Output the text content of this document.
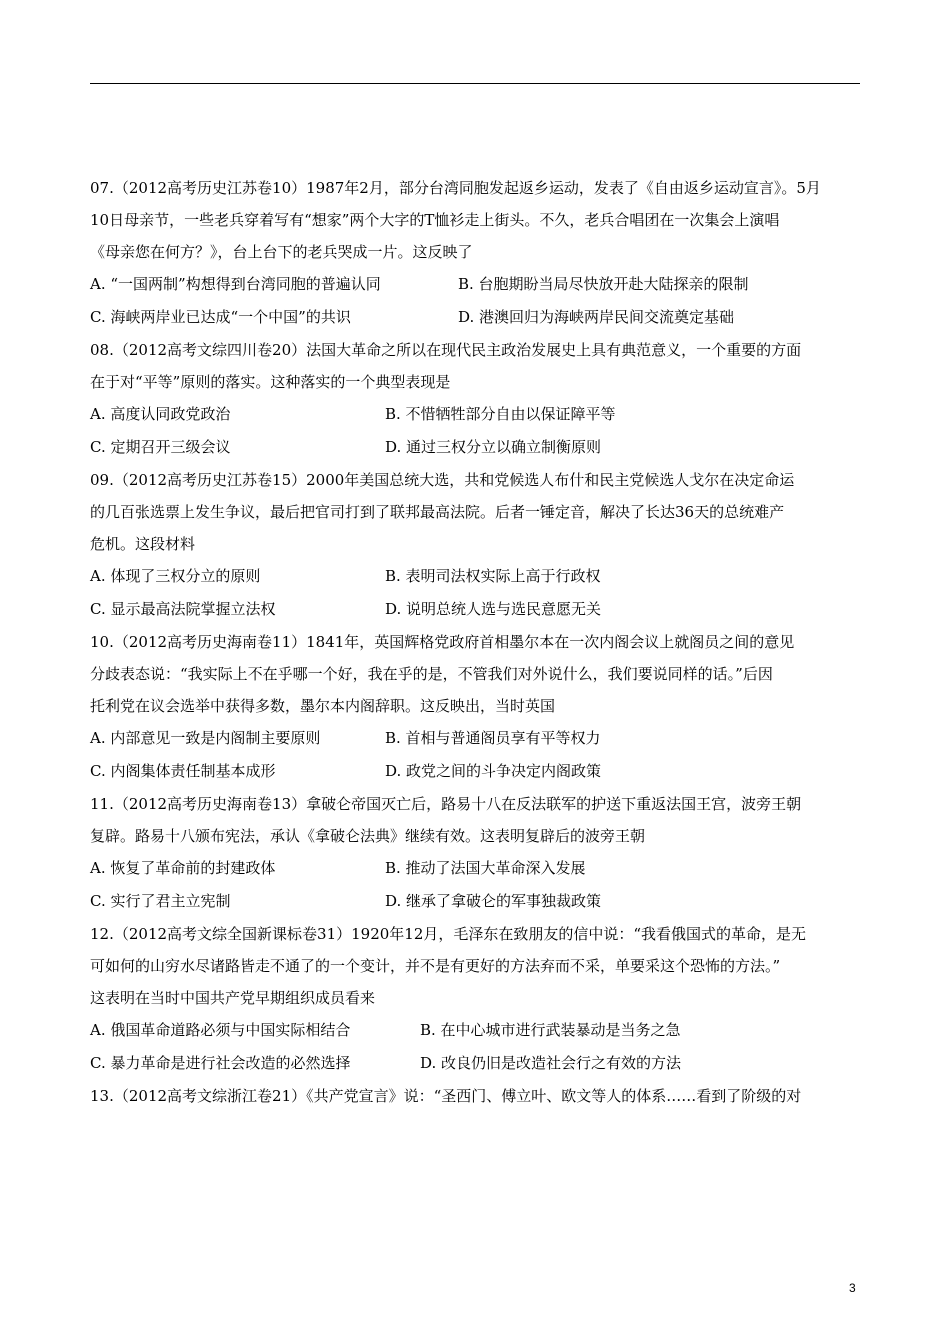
07.（2012高考历史江苏卷10）1987年2月，部分台湾同胞发起返乡运动，发表了《自由返乡运动宣言》。5月
10日母亲节，一些老兵穿着写有“想家”两个大字的T恤衫走上街头。不久，老兵合唱团在一次集会上演唱
《母亲您在何方？》，台上台下的老兵哭成一片。这反映了
A. “一国两制”构想得到台湾同胞的普遍认同	B. 台胞期盼当局尽快放开赴大陆探亲的限制
C. 海峡两岸业已达成“一个中国”的共识	D. 港澳回归为海峡两岸民间交流奠定基础
08.（2012高考文综四川卷20）法国大革命之所以在现代民主政治发展史上具有典范意义，一个重要的方面
在于对“平等”原则的落实。这种落实的一个典型表现是
A. 高度认同政党政治	B. 不惜牺牲部分自由以保证障平等
C. 定期召开三级会议	D. 通过三权分立以确立制衡原则
09.（2012高考历史江苏卷15）2000年美国总统大选，共和党候选人布什和民主党候选人戈尔在决定命运
的几百张选票上发生争议，最后把官司打到了联邦最高法院。后者一锤定音，解决了长达36天的总统难产
危机。这段材料
A. 体现了三权分立的原则	B. 表明司法权实际上高于行政权
C. 显示最高法院掌握立法权	D. 说明总统人选与选民意愿无关
10.（2012高考历史海南卷11）1841年，英国辉格党政府首相墨尔本在一次内阁会议上就阁员之间的意见
分歧表态说：“我实际上不在乎哪一个好，我在乎的是，不管我们对外说什么，我们要说同样的话。”后因
托利党在议会选举中获得多数，墨尔本内阁辞职。这反映出，当时英国
A. 内部意见一致是内阁制主要原则	B. 首相与普通阁员享有平等权力
C. 内阁集体责任制基本成形	D. 政党之间的斗争决定内阁政策
11.（2012高考历史海南卷13）拿破仑帝国灭亡后，路易十八在反法联军的护送下重返法国王宫，波旁王朝
复辟。路易十八颁布宪法，承认《拿破仑法典》继续有效。这表明复辟后的波旁王朝
A. 恢复了革命前的封建政体	B. 推动了法国大革命深入发展
C. 实行了君主立宪制	D. 继承了拿破仑的军事独裁政策
12.（2012高考文综全国新课标卷31）1920年12月，毛泽东在致朋友的信中说：“我看俄国式的革命，是无
可如何的山穷水尽诸路皆走不通了的一个变计，并不是有更好的方法弃而不采，单要采这个恐怖的方法。”
这表明在当时中国共产党早期组织成员看来
A. 俄国革命道路必须与中国实际相结合	B. 在中心城市进行武装暴动是当务之急
C. 暴力革命是进行社会改造的必然选择	D. 改良仍旧是改造社会行之有效的方法
13.（2012高考文综浙江卷21）《共产党宣言》说：“圣西门、傅立叶、欧文等人的体系……看到了阶级的对
3
